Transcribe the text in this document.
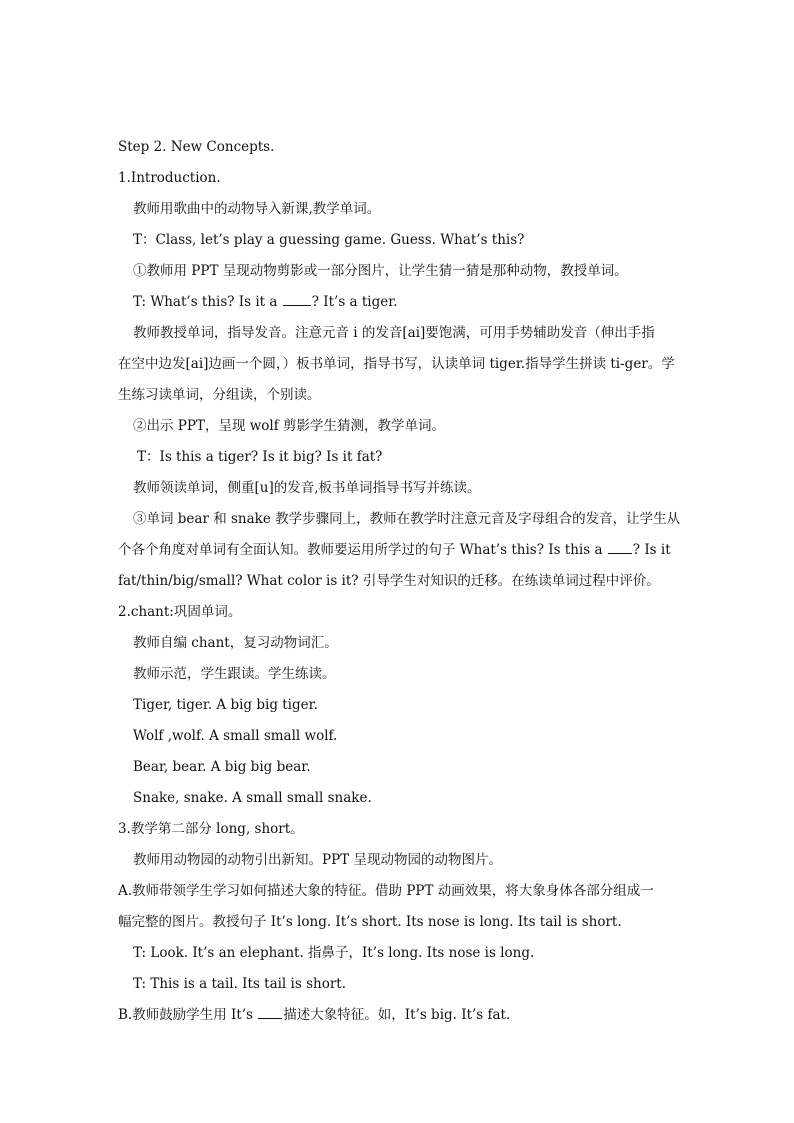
Step 2. New Concepts.

1.Introduction.

教师用歌曲中的动物导入新课,教学单词。

T：Class, let’s play a guessing game. Guess. What’s this?

①教师用 PPT 呈现动物剪影或一部分图片，让学生猜一猜是那种动物，教授单词。

T: What’s this? Is it a	? It’s a tiger.

教师教授单词，指导发音。注意元音 i 的发音[ai]要饱满，可用手势辅助发音（伸出手指

在空中边发[ai]边画一个圆，）板书单词，指导书写，认读单词 tiger.指导学生拼读 ti-ger。学

生练习读单词，分组读，个别读。

②出示 PPT，呈现 wolf 剪影学生猜测，教学单词。

T：Is this a tiger? Is it big? Is it fat?

教师领读单词，侧重[u]的发音,板书单词指导书写并练读。

③单词 bear 和 snake 教学步骤同上，教师在教学时注意元音及字母组合的发音，让学生从

个各个角度对单词有全面认知。教师要运用所学过的句子 What’s this? Is this a ? Is it

fat/thin/big/small? What color is it? 引导学生对知识的迁移。在练读单词过程中评价。

2.chant:巩固单词。

教师自编 chant，复习动物词汇。

教师示范，学生跟读。学生练读。

Tiger, tiger. A big big tiger.

Wolf ,wolf. A small small wolf.

Bear, bear. A big big bear.

Snake, snake. A small small snake.

3.教学第二部分 long, short。

教师用动物园的动物引出新知。PPT 呈现动物园的动物图片。

A.教师带领学生学习如何描述大象的特征。借助 PPT 动画效果，将大象身体各部分组成一

幅完整的图片。教授句子 It’s long. It’s short. Its nose is long. Its tail is short.

T: Look. It’s an elephant. 指鼻子，It’s long. Its nose is long.

T: This is a tail. Its tail is short.

B.教师鼓励学生用 It’s 描述大象特征。如，It’s big. It’s fat.
